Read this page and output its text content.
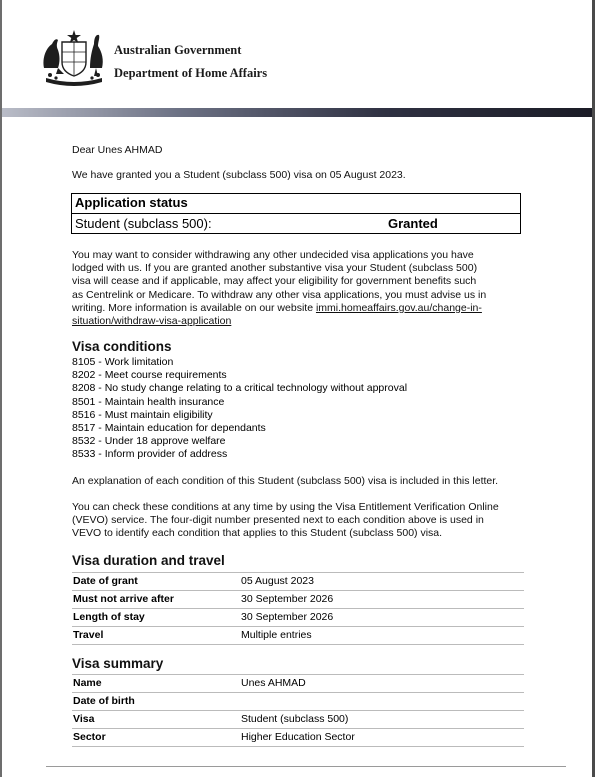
Australian Government
Department of Home Affairs
Dear Unes AHMAD
We have granted you a Student (subclass 500) visa on 05 August 2023.
Application status
Student (subclass 500):	Granted
You may want to consider withdrawing any other undecided visa applications you have
lodged with us. If you are granted another substantive visa your Student (subclass 500)
visa will cease and if applicable, may affect your eligibility for government benefits such
as Centrelink or Medicare. To withdraw any other visa applications, you must advise us in
writing. More information is available on our website immi.homeaffairs.gov.au/change-in-
situation/withdraw-visa-application
Visa conditions
8105 - Work limitation
8202 - Meet course requirements
8208 - No study change relating to a critical technology without approval
8501 - Maintain health insurance
8516 - Must maintain eligibility
8517 - Maintain education for dependants
8532 - Under 18 approve welfare
8533 - Inform provider of address
An explanation of each condition of this Student (subclass 500) visa is included in this letter.
You can check these conditions at any time by using the Visa Entitlement Verification Online
(VEVO) service. The four-digit number presented next to each condition above is used in
VEVO to identify each condition that applies to this Student (subclass 500) visa.
Visa duration and travel
Date of grant	05 August 2023
Must not arrive after	30 September 2026
Length of stay	30 September 2026
Travel	Multiple entries
Visa summary
Name	Unes AHMAD
Date of birth
Visa	Student (subclass 500)
Sector	Higher Education Sector
